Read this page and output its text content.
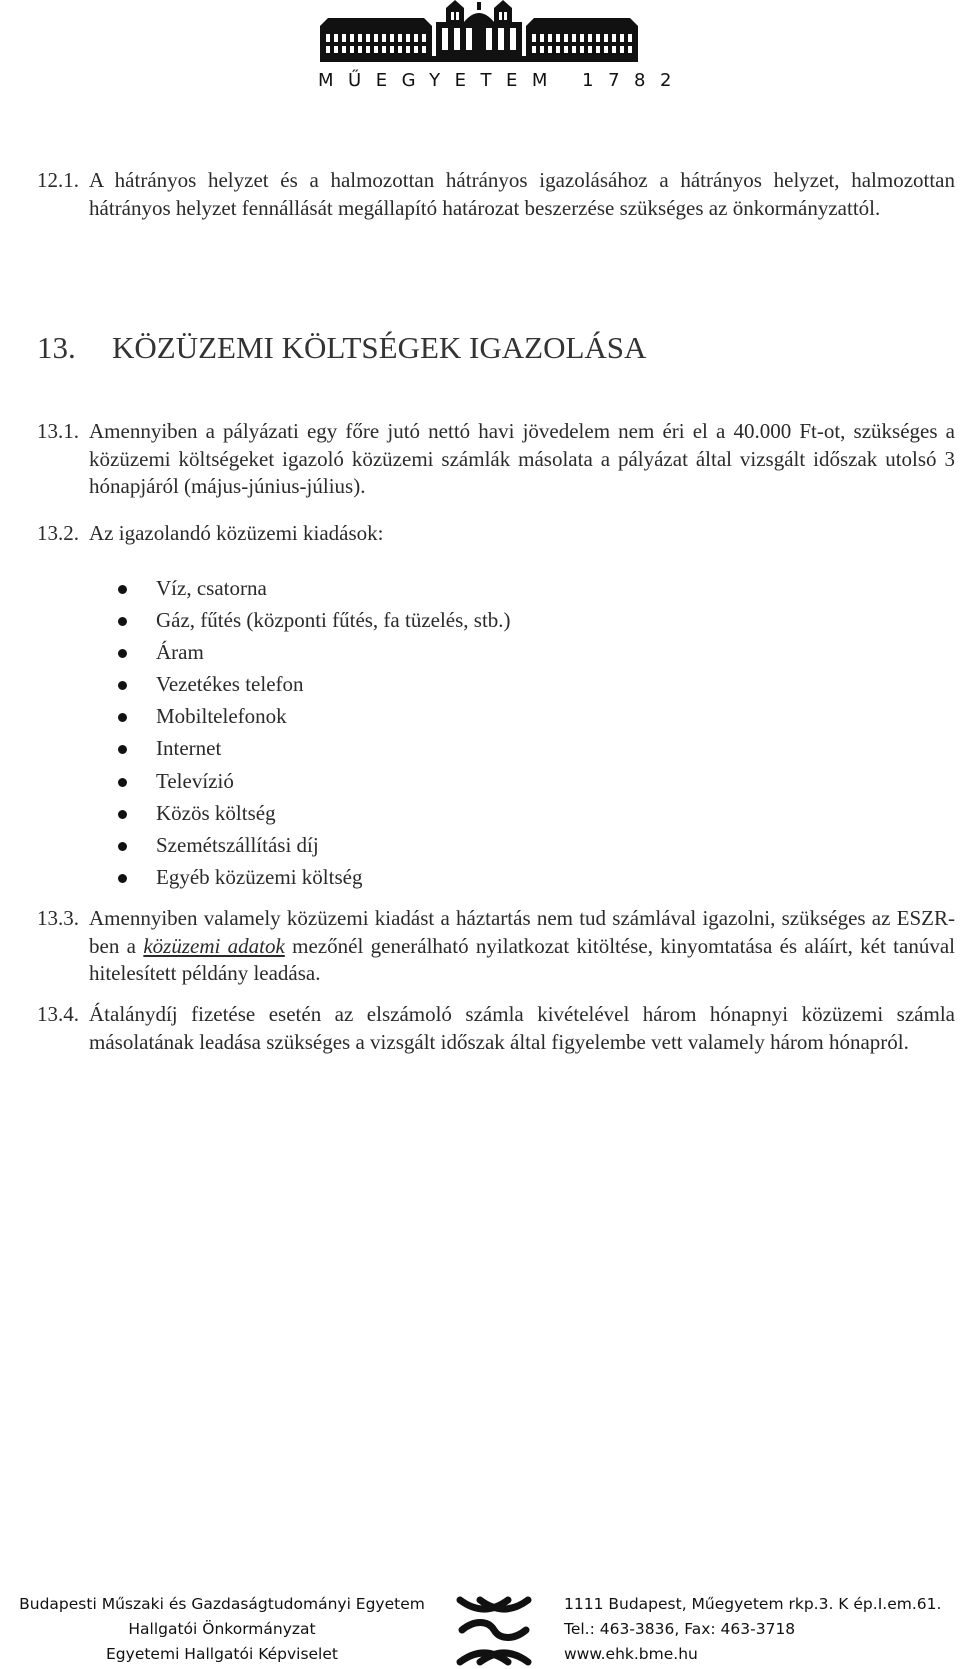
MŰEGYETEM 1782
12.1. A hátrányos helyzet és a halmozottan hátrányos igazolásához a hátrányos helyzet, halmozottan hátrányos helyzet fennállását megállapító határozat beszerzése szükséges az önkormányzattól.
13. KÖZÜZEMI KÖLTSÉGEK IGAZOLÁSA
13.1. Amennyiben a pályázati egy főre jutó nettó havi jövedelem nem éri el a 40.000 Ft-ot, szükséges a közüzemi költségeket igazoló közüzemi számlák másolata a pályázat által vizsgált időszak utolsó 3 hónapjáról (május-június-július).
13.2. Az igazolandó közüzemi kiadások:
Víz, csatorna
Gáz, fűtés (központi fűtés, fa tüzelés, stb.)
Áram
Vezetékes telefon
Mobiltelefonok
Internet
Televízió
Közös költség
Szemétszállítási díj
Egyéb közüzemi költség
13.3. Amennyiben valamely közüzemi kiadást a háztartás nem tud számlával igazolni, szükséges az ESZR-ben a közüzemi adatok mezőnél generálható nyilatkozat kitöltése, kinyomtatása és aláírt, két tanúval hitelesített példány leadása.
13.4. Átalánydíj fizetése esetén az elszámoló számla kivételével három hónapnyi közüzemi számla másolatának leadása szükséges a vizsgált időszak által figyelembe vett valamely három hónapról.
Budapesti Műszaki és Gazdaságtudományi Egyetem
Hallgatói Önkormányzat
Egyetemi Hallgatói Képviselet
1111 Budapest, Műegyetem rkp.3. K ép.I.em.61.
Tel.: 463-3836, Fax: 463-3718
www.ehk.bme.hu
